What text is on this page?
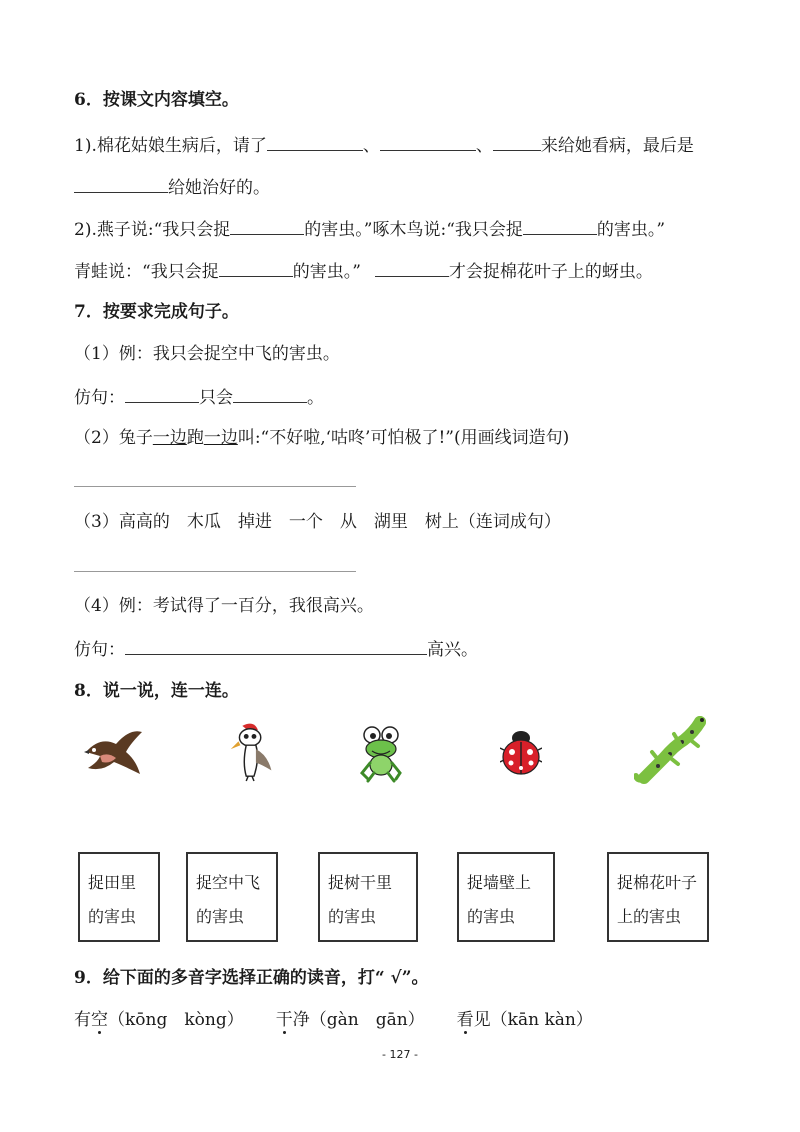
6．按课文内容填空。
1).棉花姑娘生病后，请了	、	、	来给她看病，最后是
给她治好的。
2).燕子说:“我只会捉	的害虫。”啄木鸟说:“我只会捉	的害虫。”
青蛙说：“我只会捉	的害虫。”	才会捉棉花叶子上的蚜虫。
7．按要求完成句子。
（1）例：我只会捉空中飞的害虫。
仿句：	只会	。
（2）兔子一边跑一边叫:“不好啦,‘咕咚’可怕极了!”(用画线词造句)
（3）高高的　木瓜　掉进　一个　从　湖里　树上（连词成句）
（4）例：考试得了一百分，我很高兴。
仿句：	高兴。
8．说一说，连一连。
捉田里
的害虫
捉空中飞
的害虫
捉树干里
的害虫
捉墙壁上
的害虫
捉棉花叶子
上的害虫
9．给下面的多音字选择正确的读音，打“ √”。
有空（kōng　kòng） 干净（gàn　gān） 看见（kān kàn）
- 127 -
